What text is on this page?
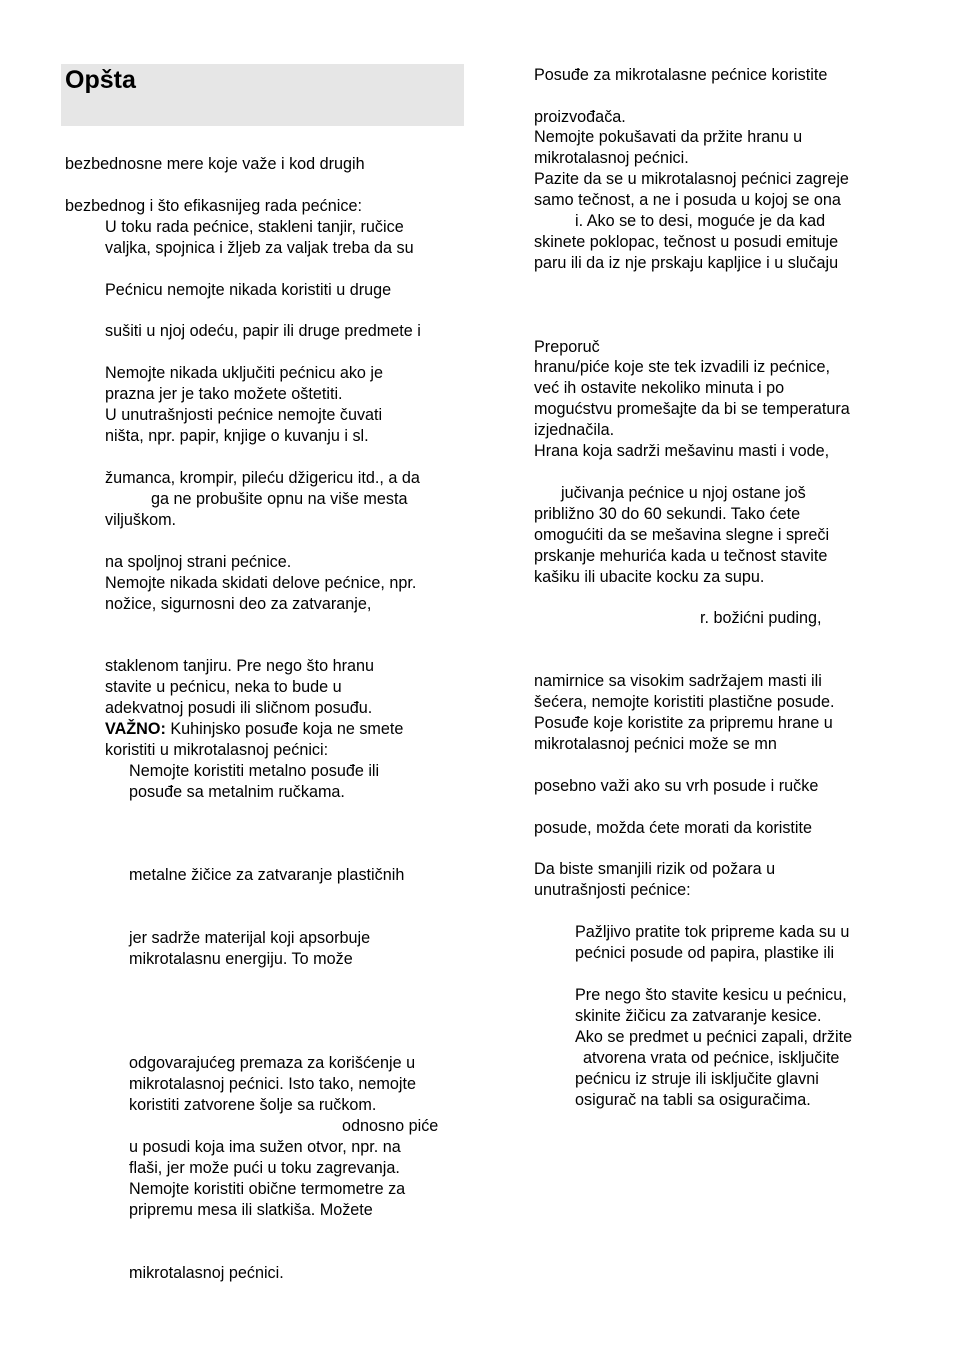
Opšta
bezbednosne mere koje važe i kod drugih
bezbednog i što efikasnijeg rada pećnice:
U toku rada pećnice, stakleni tanjir, ručice
valjka, spojnica i žljeb za valjak treba da su
Pećnicu nemojte nikada koristiti u druge
sušiti u njoj odeću, papir ili druge predmete i
Nemojte nikada uključiti pećnicu ako je
prazna jer je tako možete oštetiti.
U unutrašnjosti pećnice nemojte čuvati
ništa, npr. papir, knjige o kuvanju i sl.
žumanca, krompir, pileću džigericu itd., a da
ga ne probušite opnu na više mesta
viljuškom.
na spoljnoj strani pećnice.
Nemojte nikada skidati delove pećnice, npr.
nožice, sigurnosni deo za zatvaranje,
staklenom tanjiru. Pre nego što hranu
stavite u pećnicu, neka to bude u
adekvatnoj posudi ili sličnom posuđu.
VAŽNO: Kuhinjsko posuđe koja ne smete
koristiti u mikrotalasnoj pećnici:
Nemojte koristiti metalno posuđe ili
posuđe sa metalnim ručkama.
metalne žičice za zatvaranje plastičnih
jer sadrže materijal koji apsorbuje
mikrotalasnu energiju. To može
odgovarajućeg premaza za korišćenje u
mikrotalasnoj pećnici. Isto tako, nemojte
koristiti zatvorene šolje sa ručkom.
odnosno piće
u posudi koja ima sužen otvor, npr. na
flaši, jer može pući u toku zagrevanja.
Nemojte koristiti obične termometre za
pripremu mesa ili slatkiša. Možete
mikrotalasnoj pećnici.
Posuđe za mikrotalasne pećnice koristite
proizvođača.
Nemojte pokušavati da pržite hranu u
mikrotalasnoj pećnici.
Pazite da se u mikrotalasnoj pećnici zagreje
samo tečnost, a ne i posuda u kojoj se ona
i. Ako se to desi, moguće je da kad
skinete poklopac, tečnost u posudi emituje
paru ili da iz nje prskaju kapljice i u slučaju
Preporuč
hranu/piće koje ste tek izvadili iz pećnice,
već ih ostavite nekoliko minuta i po
mogućstvu promešajte da bi se temperatura
izjednačila.
Hrana koja sadrži mešavinu masti i vode,
jučivanja pećnice u njoj ostane još
približno 30 do 60 sekundi. Tako ćete
omogućiti da se mešavina slegne i spreči
prskanje mehurića kada u tečnost stavite
kašiku ili ubacite kocku za supu.
r. božićni puding,
namirnice sa visokim sadržajem masti ili
šećera, nemojte koristiti plastične posude.
Posuđe koje koristite za pripremu hrane u
mikrotalasnoj pećnici može se mn
posebno važi ako su vrh posude i ručke
posude, možda ćete morati da koristite
Da biste smanjili rizik od požara u
unutrašnjosti pećnice:
Pažljivo pratite tok pripreme kada su u
pećnici posude od papira, plastike ili
Pre nego što stavite kesicu u pećnicu,
skinite žičicu za zatvaranje kesice.
Ako se predmet u pećnici zapali, držite
atvorena vrata od pećnice, isključite
pećnicu iz struje ili isključite glavni
osigurač na tabli sa osiguračima.
